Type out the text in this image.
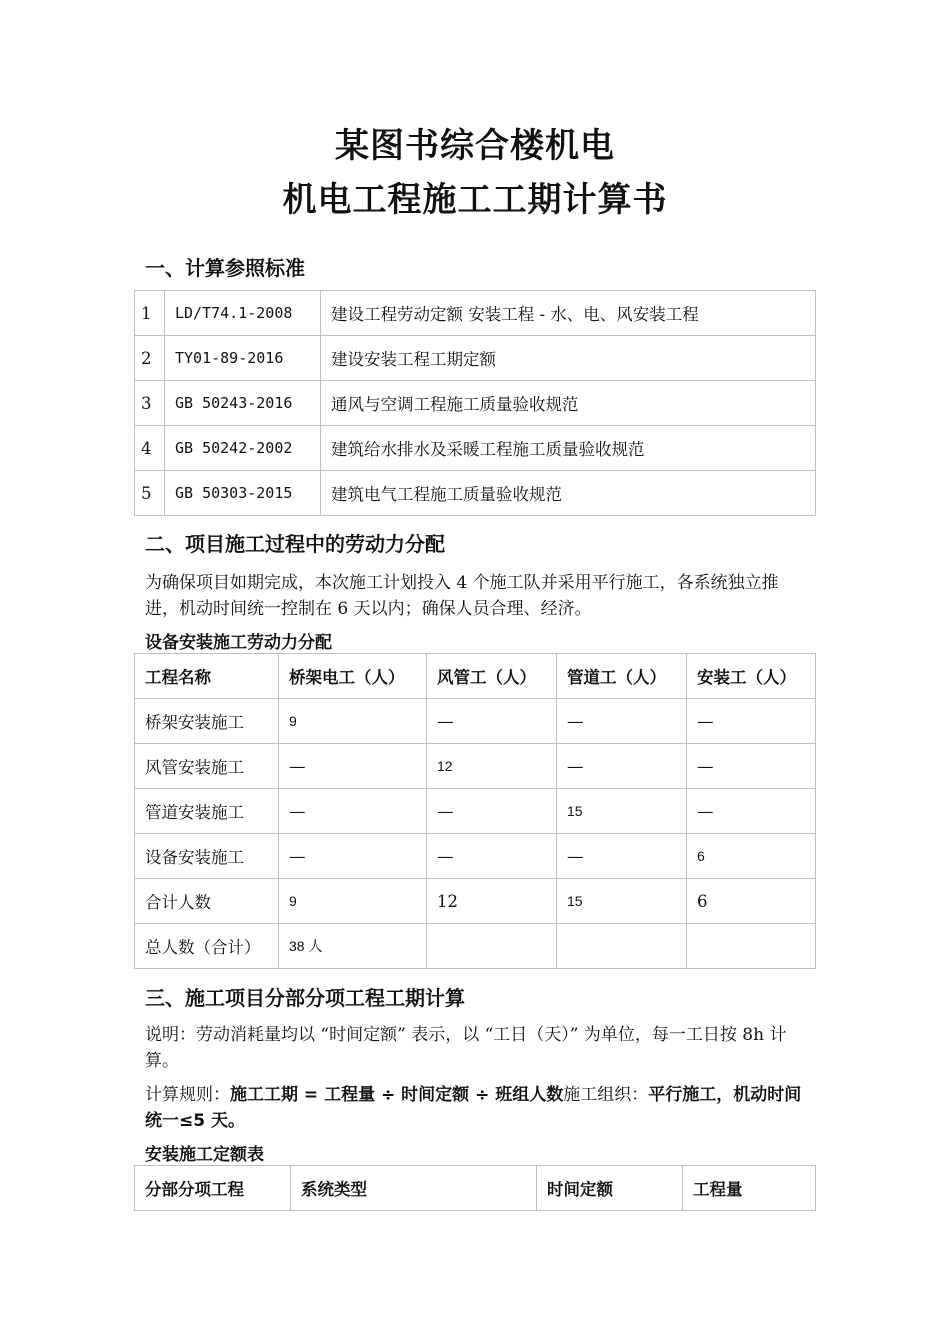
某图书综合楼机电
机电工程施工工期计算书
一、计算参照标准
1	LD/T74.1-2008	建设工程劳动定额 安装工程 - 水、电、风安装工程
2	TY01-89-2016	建设安装工程工期定额
3	GB 50243-2016	通风与空调工程施工质量验收规范
4	GB 50242-2002	建筑给水排水及采暖工程施工质量验收规范
5	GB 50303-2015	建筑电气工程施工质量验收规范
二、项目施工过程中的劳动力分配
为确保项目如期完成，本次施工计划投入 4 个施工队并采用平行施工，各系统独立推进，机动时间统一控制在 6 天以内；确保人员合理、经济。
设备安装施工劳动力分配
工程名称	桥架电工（人）	风管工（人）	管道工（人）	安装工（人）
桥架安装施工	9	—	—	—
风管安装施工	—	12	—	—
管道安装施工	—	—	15	—
设备安装施工	—	—	—	6
合计人数	9	12	15	6
总人数（合计）	38 人			
三、施工项目分部分项工程工期计算
说明：劳动消耗量均以 “时间定额” 表示，以 “工日（天）” 为单位，每一工日按 8h 计算。
计算规则：施工工期 = 工程量 ÷ 时间定额 ÷ 班组人数施工组织：平行施工，机动时间统一≤5 天。
安装施工定额表
分部分项工程	系统类型	时间定额	工程量
